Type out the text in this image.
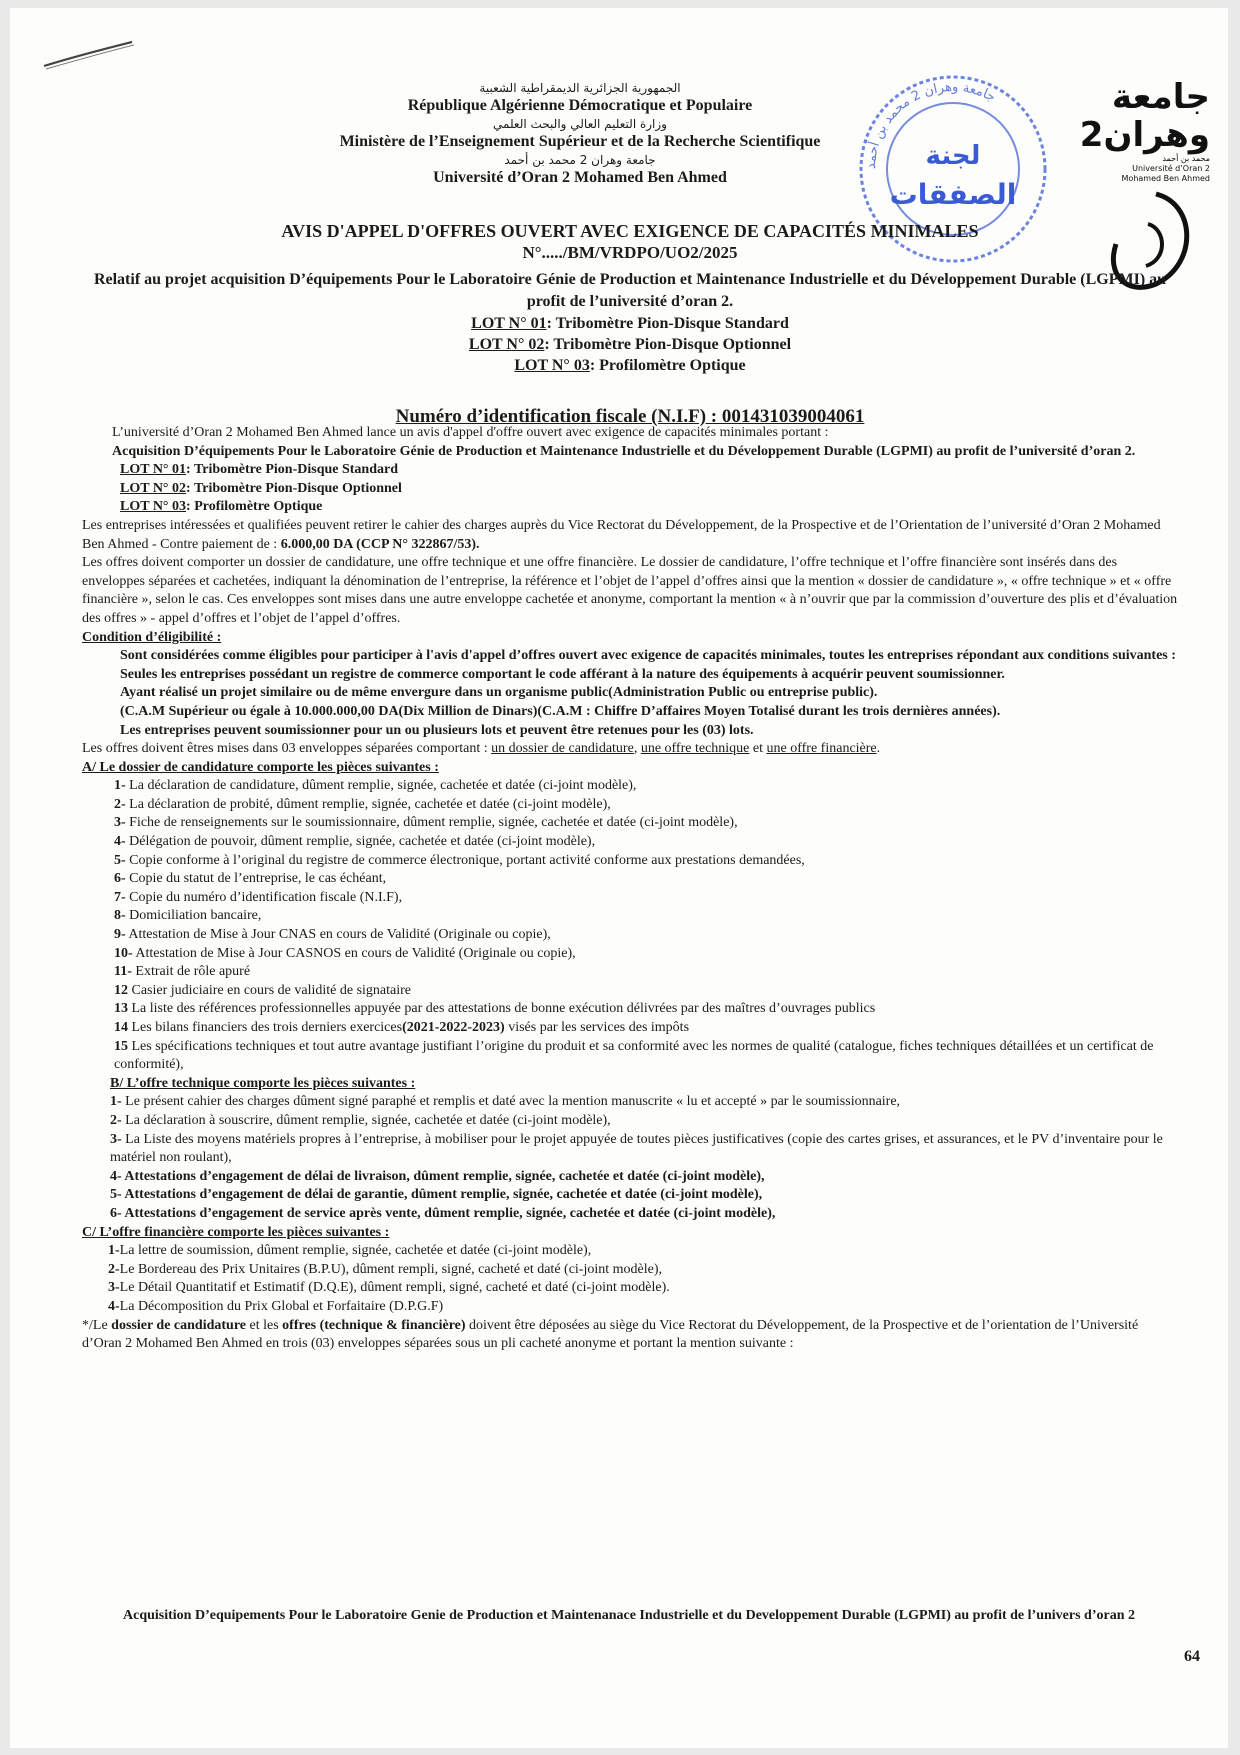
الجمهورية الجزائرية الديمقراطية الشعبية
République Algérienne Démocratique et Populaire
وزارة التعليم العالي والبحث العلمي
Ministère de l’Enseignement Supérieur et de la Recherche Scientifique
جامعة وهران 2 محمد بن أحمد
Université d’Oran 2 Mohamed Ben Ahmed
جامعة وهران 2 محمد بن أحمد
لجنة
الصفقات
جامعة وهران2
محمد بن أحمد
Université d’Oran 2
Mohamed Ben Ahmed
AVIS D'APPEL D'OFFRES OUVERT AVEC EXIGENCE DE CAPACITÉS MINIMALES
N°...../BM/VRDPO/UO2/2025
Relatif au projet acquisition D’équipements Pour le Laboratoire Génie de Production et Maintenance Industrielle et du Développement Durable (LGPMI) au profit de l’université d’oran 2.
LOT N° 01: Tribomètre Pion-Disque Standard
LOT N° 02: Tribomètre Pion-Disque Optionnel
LOT N° 03: Profilomètre Optique
Numéro d’identification fiscale (N.I.F) : 001431039004061

L’université d’Oran 2 Mohamed Ben Ahmed lance un avis d'appel d'offre ouvert avec exigence de capacités minimales portant :

Acquisition D’équipements Pour le Laboratoire Génie de Production et Maintenance Industrielle et du Développement Durable (LGPMI) au profit de l’université d’oran 2.

LOT N° 01: Tribomètre Pion-Disque Standard

LOT N° 02: Tribomètre Pion-Disque Optionnel

LOT N° 03: Profilomètre Optique

Les entreprises intéressées et qualifiées peuvent retirer le cahier des charges auprès du Vice Rectorat du Développement, de la Prospective et de l’Orientation de l’université d’Oran 2 Mohamed Ben Ahmed - Contre paiement de : 6.000,00 DA (CCP N° 322867/53).

Les offres doivent comporter un dossier de candidature, une offre technique et une offre financière. Le dossier de candidature, l’offre technique et l’offre financière sont insérés dans des enveloppes séparées et cachetées, indiquant la dénomination de l’entreprise, la référence et l’objet de l’appel d’offres ainsi que la mention « dossier de candidature », « offre technique » et « offre financière », selon le cas. Ces enveloppes sont mises dans une autre enveloppe cachetée et anonyme, comportant la mention « à n’ouvrir que par la commission d’ouverture des plis et d’évaluation des offres » - appel d’offres et l’objet de l’appel d’offres.

Condition d’éligibilité :

Sont considérées comme éligibles pour participer à l'avis d'appel d’offres ouvert avec exigence de capacités minimales, toutes les entreprises répondant aux conditions suivantes :

Seules les entreprises possédant un registre de commerce comportant le code afférant à la nature des équipements à acquérir peuvent soumissionner.

Ayant réalisé un projet similaire ou de même envergure dans un organisme public(Administration Public ou entreprise public).

(C.A.M Supérieur ou égale à 10.000.000,00 DA(Dix Million de Dinars)(C.A.M : Chiffre D’affaires Moyen Totalisé durant les trois dernières années).

Les entreprises peuvent soumissionner pour un ou plusieurs lots et peuvent être retenues pour les (03) lots.

Les offres doivent êtres mises dans 03 enveloppes séparées comportant : un dossier de candidature, une offre technique et une offre financière.

A/ Le dossier de candidature comporte les pièces suivantes :

1- La déclaration de candidature, dûment remplie, signée, cachetée et datée (ci-joint modèle),

2- La déclaration de probité, dûment remplie, signée, cachetée et datée (ci-joint modèle),

3- Fiche de renseignements sur le soumissionnaire, dûment remplie, signée, cachetée et datée (ci-joint modèle),

4- Délégation de pouvoir, dûment remplie, signée, cachetée et datée (ci-joint modèle),

5- Copie conforme à l’original du registre de commerce électronique, portant activité conforme aux prestations demandées,

6- Copie du statut de l’entreprise, le cas échéant,

7- Copie du numéro d’identification fiscale (N.I.F),

8- Domiciliation bancaire,

9- Attestation de Mise à Jour CNAS en cours de Validité (Originale ou copie),

10- Attestation de Mise à Jour CASNOS en cours de Validité (Originale ou copie),

11- Extrait de rôle apuré

12 Casier judiciaire en cours de validité de signataire

13 La liste des références professionnelles appuyée par des attestations de bonne exécution délivrées par des maîtres d’ouvrages publics

14 Les bilans financiers des trois derniers exercices(2021-2022-2023) visés par les services des impôts

15 Les spécifications techniques et tout autre avantage justifiant l’origine du produit et sa conformité avec les normes de qualité (catalogue, fiches techniques détaillées et un certificat de conformité),

B/ L’offre technique comporte les pièces suivantes :

1- Le présent cahier des charges dûment signé paraphé et remplis et daté avec la mention manuscrite « lu et accepté » par le soumissionnaire,

2- La déclaration à souscrire, dûment remplie, signée, cachetée et datée (ci-joint modèle),

3- La Liste des moyens matériels propres à l’entreprise, à mobiliser pour le projet appuyée de toutes pièces justificatives (copie des cartes grises, et assurances, et le PV d’inventaire pour le matériel non roulant),

4- Attestations d’engagement de délai de livraison, dûment remplie, signée, cachetée et datée (ci-joint modèle),

5- Attestations d’engagement de délai de garantie, dûment remplie, signée, cachetée et datée (ci-joint modèle),

6- Attestations d’engagement de service après vente, dûment remplie, signée, cachetée et datée (ci-joint modèle),

C/ L’offre financière comporte les pièces suivantes :

1-La lettre de soumission, dûment remplie, signée, cachetée et datée (ci-joint modèle),

2-Le Bordereau des Prix Unitaires (B.P.U), dûment rempli, signé, cacheté et daté (ci-joint modèle),

3-Le Détail Quantitatif et Estimatif (D.Q.E), dûment rempli, signé, cacheté et daté (ci-joint modèle).

4-La Décomposition du Prix Global et Forfaitaire (D.P.G.F)

*/Le dossier de candidature et les offres (technique & financière) doivent être déposées au siège du Vice Rectorat du Développement, de la Prospective et de l’orientation de l’Université d’Oran 2 Mohamed Ben Ahmed en trois (03) enveloppes séparées sous un pli cacheté anonyme et portant la mention suivante :

Acquisition D’equipements Pour le Laboratoire Genie de Production et Maintenanace Industrielle et du Developpement Durable (LGPMI) au profit de l’univers d’oran 2
64
